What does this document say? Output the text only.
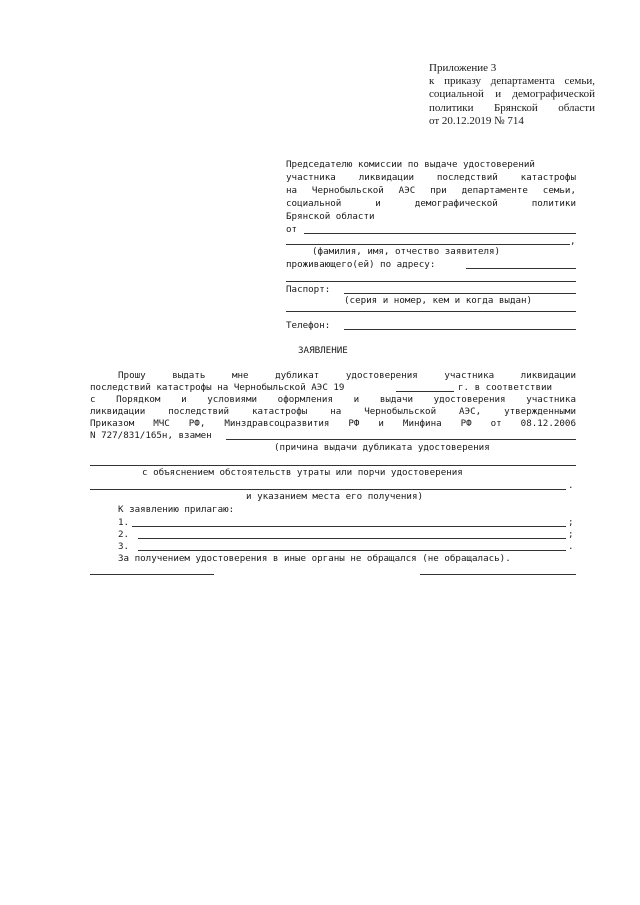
Приложение 3
к приказу департамента семьи,
социальной и демографической
политики Брянской области
от 20.12.2019 № 714
Председателю комиссии по выдаче удостоверений
участника ликвидации последствий катастрофы
на Чернобыльской АЭС при департаменте семьи,
социальной и демографической политики
Брянской области
от
,
(фамилия, имя, отчество заявителя)
проживающего(ей) по адресу:
Паспорт:
(серия и номер, кем и когда выдан)
Телефон:
ЗАЯВЛЕНИЕ
Прошу выдать мне дубликат удостоверения участника ликвидации
последствий катастрофы на Чернобыльской АЭС 19	г. в соответствии
с Порядком и условиями оформления и выдачи удостоверения участника
ликвидации последствий катастрофы на Чернобыльской АЭС, утвержденными
Приказом МЧС РФ, Минздравсоцразвития РФ и Минфина РФ от 08.12.2006
N 727/831/165н, взамен
(причина выдачи дубликата удостоверения
с объяснением обстоятельств утраты или порчи удостоверения
.
и указанием места его получения)
К заявлению прилагаю:
1.	;
2.	;
3.	.
За получением удостоверения в иные органы не обращался (не обращалась).
